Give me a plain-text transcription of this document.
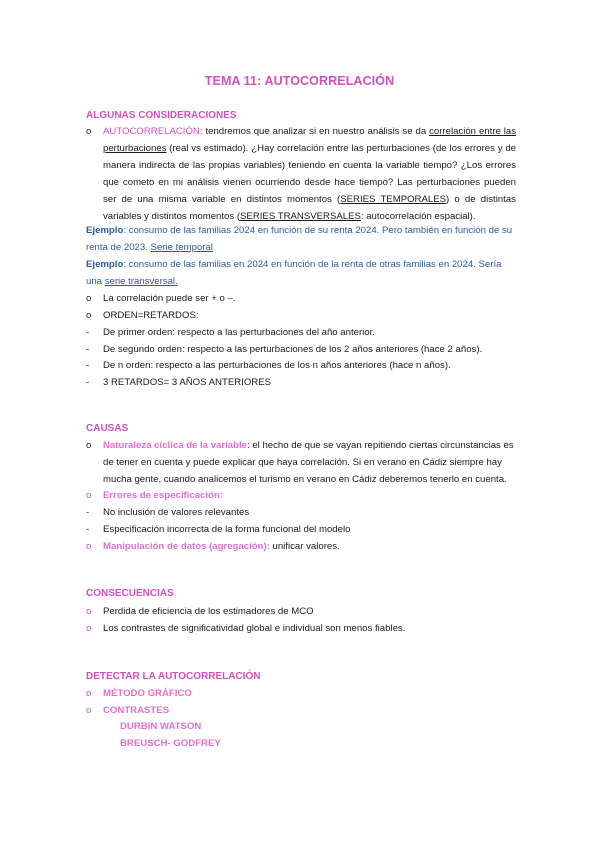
TEMA 11: AUTOCORRELACIÓN
ALGUNAS CONSIDERACIONES
o	AUTOCORRELACIÓN: tendremos que analizar si en nuestro análisis se da correlación entre las perturbaciones (real vs estimado). ¿Hay correlación entre las perturbaciones (de los errores y de manera indirecta de las propias variables) teniendo en cuenta la variable tiempo? ¿Los errores que cometo en mi análisis vienen ocurriendo desde hace tiempo? Las perturbaciones pueden ser de una misma variable en distintos momentos (SERIES TEMPORALES) o de distintas variables y distintos momentos (SERIES TRANSVERSALES: autocorrelación espacial).
Ejemplo: consumo de las familias 2024 en función de su renta 2024. Pero también en función de su renta de 2023. Serie temporal
Ejemplo: consumo de las familias en 2024 en función de la renta de otras familias en 2024. Sería una serie transversal.
o	La correlación puede ser + o –.
o	ORDEN=RETARDOS:
-	De primer orden: respecto a las perturbaciones del año anterior.
-	De segundo orden: respecto a las perturbaciones de los 2 años anteriores (hace 2 años).
-	De n orden: respecto a las perturbaciones de los n años anteriores (hace n años).
-	3 RETARDOS= 3 AÑOS ANTERIORES
CAUSAS
o	Naturaleza cíclica de la variable: el hecho de que se vayan repitiendo ciertas circunstancias es de tener en cuenta y puede explicar que haya correlación. Si en verano en Cádiz siempre hay mucha gente, cuando analicemos el turismo en verano en Cádiz deberemos tenerlo en cuenta.
o	Errores de especificación:
-	No inclusión de valores relevantes
-	Especificación incorrecta de la forma funcional del modelo
o	Manipulación de datos (agregación): unificar valores.
CONSECUENCIAS
o	Perdida de eficiencia de los estimadores de MCO
o	Los contrastes de significatividad global e individual son menos fiables.
DETECTAR LA AUTOCORRELACIÓN
o	MÉTODO GRÁFICO
o	CONTRASTES
DURBIN WATSON
BREUSCH- GODFREY
